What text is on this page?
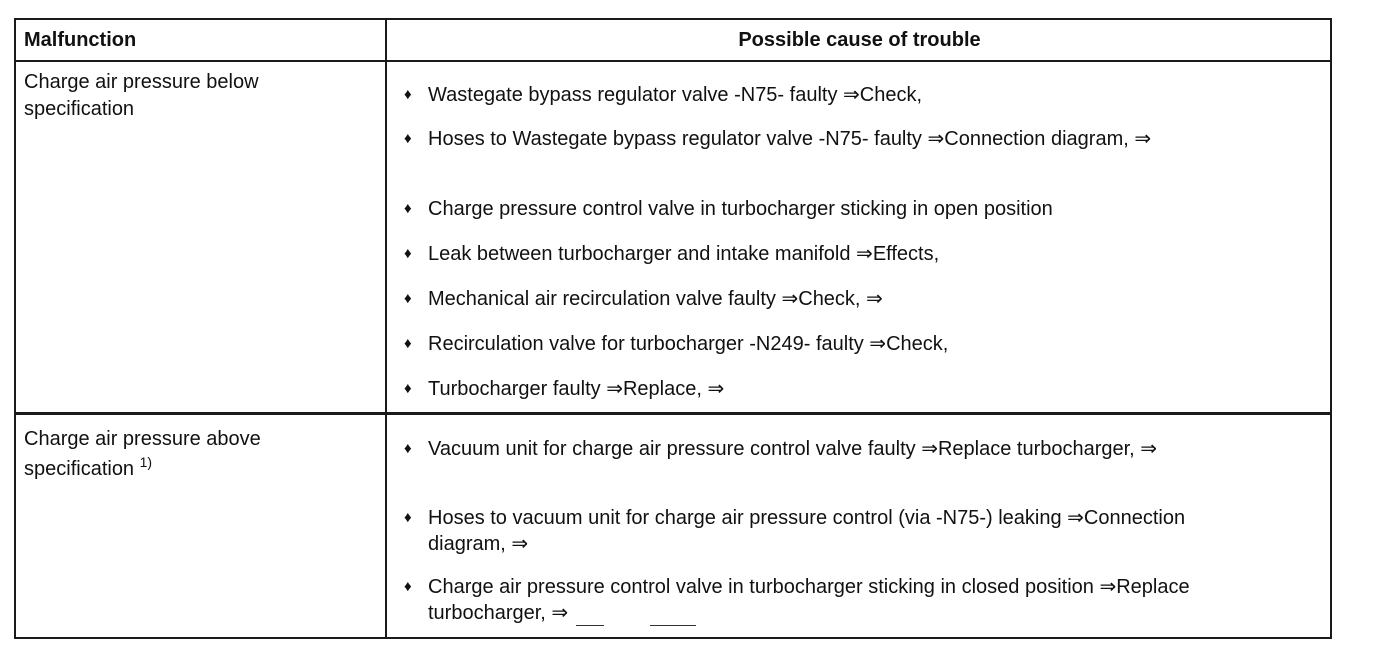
Malfunction	Possible cause of trouble
Charge air pressure below specification
♦ Wastegate bypass regulator valve -N75- faulty ⇒Check,
♦ Hoses to Wastegate bypass regulator valve -N75- faulty ⇒Connection diagram, ⇒
♦ Charge pressure control valve in turbocharger sticking in open position
♦ Leak between turbocharger and intake manifold ⇒Effects,
♦ Mechanical air recirculation valve faulty ⇒Check, ⇒
♦ Recirculation valve for turbocharger -N249- faulty ⇒Check,
♦ Turbocharger faulty ⇒Replace, ⇒
Charge air pressure above specification $^{1)}$
♦ Vacuum unit for charge air pressure control valve faulty ⇒Replace turbocharger, ⇒
♦ Hoses to vacuum unit for charge air pressure control (via -N75-) leaking ⇒Connection diagram, ⇒
♦ Charge air pressure control valve in turbocharger sticking in closed position ⇒Replace turbocharger, ⇒
